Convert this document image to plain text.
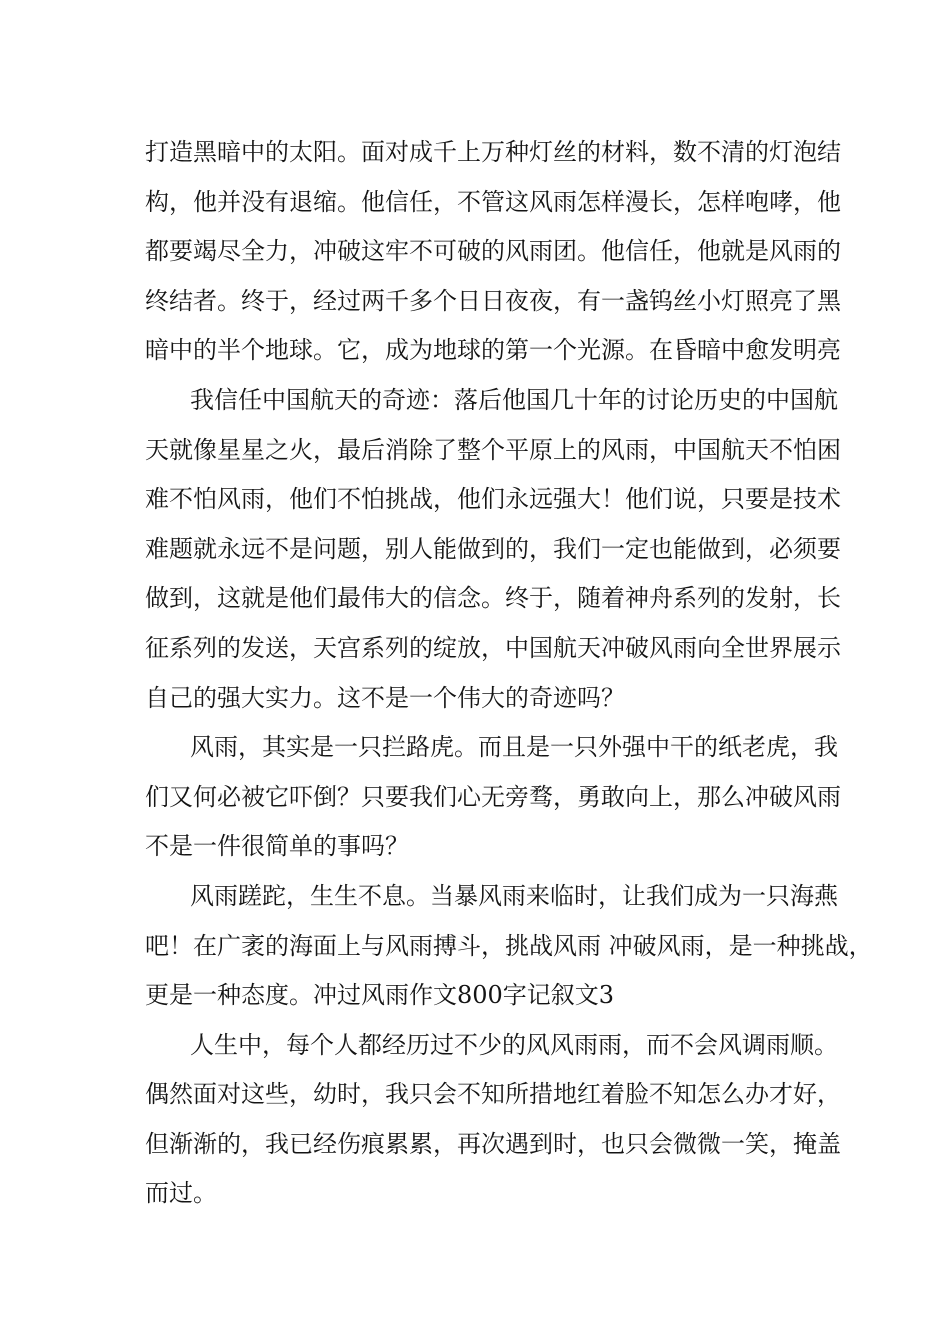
打造黑暗中的太阳。面对成千上万种灯丝的材料，数不清的灯泡结
构，他并没有退缩。他信任，不管这风雨怎样漫长，怎样咆哮，他
都要竭尽全力，冲破这牢不可破的风雨团。他信任，他就是风雨的
终结者。终于，经过两千多个日日夜夜，有一盏钨丝小灯照亮了黑
暗中的半个地球。它，成为地球的第一个光源。在昏暗中愈发明亮
我信任中国航天的奇迹：落后他国几十年的讨论历史的中国航
天就像星星之火，最后消除了整个平原上的风雨，中国航天不怕困
难不怕风雨，他们不怕挑战，他们永远强大！他们说，只要是技术
难题就永远不是问题，别人能做到的，我们一定也能做到，必须要
做到，这就是他们最伟大的信念。终于，随着神舟系列的发射，长
征系列的发送，天宫系列的绽放，中国航天冲破风雨向全世界展示
自己的强大实力。这不是一个伟大的奇迹吗？
风雨，其实是一只拦路虎。而且是一只外强中干的纸老虎，我
们又何必被它吓倒？只要我们心无旁骛，勇敢向上，那么冲破风雨
不是一件很简单的事吗？
风雨蹉跎，生生不息。当暴风雨来临时，让我们成为一只海燕
吧！在广袤的海面上与风雨搏斗，挑战风雨 冲破风雨，是一种挑战，
更是一种态度。冲过风雨作文800字记叙文3
人生中，每个人都经历过不少的风风雨雨，而不会风调雨顺。
偶然面对这些，幼时，我只会不知所措地红着脸不知怎么办才好，
但渐渐的，我已经伤痕累累，再次遇到时，也只会微微一笑，掩盖
而过。
